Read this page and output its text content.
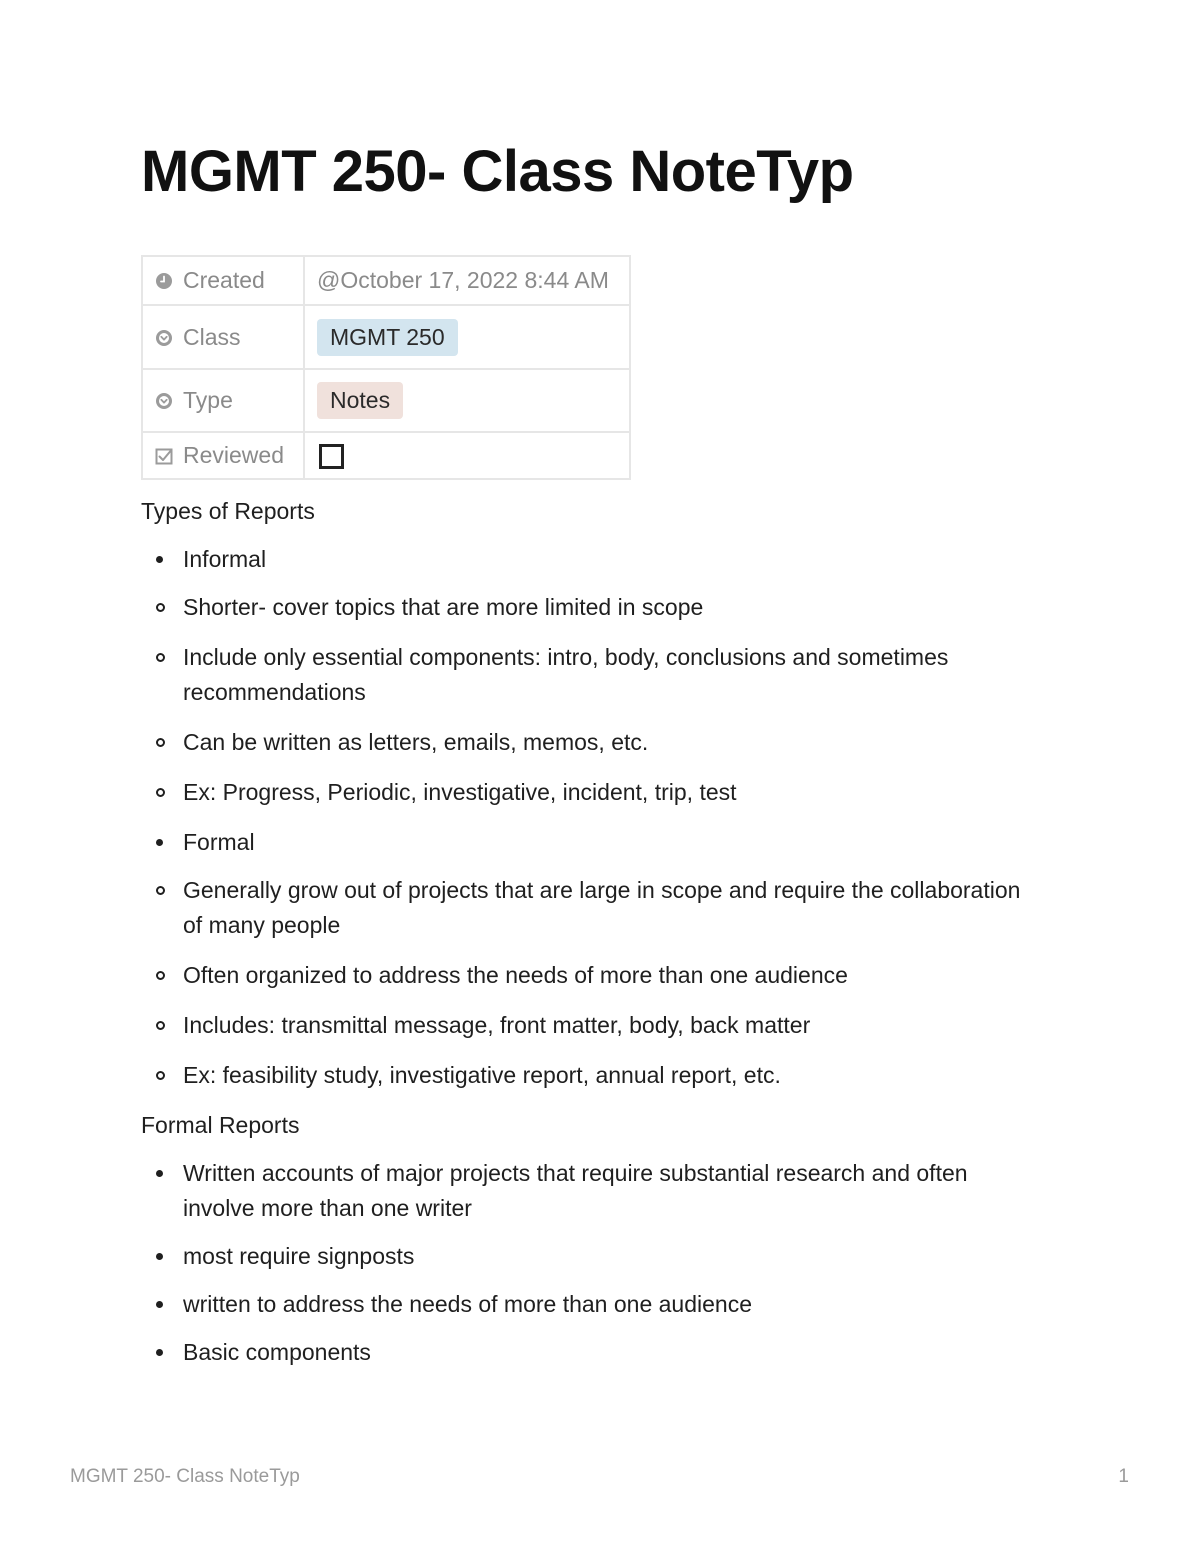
MGMT 250- Class NoteTyp
Created	@October 17, 2022 8:44 AM

Class	MGMT 250

Type	Notes

Reviewed	

Types of Reports

Informal
Shorter- cover topics that are more limited in scope
Include only essential components: intro, body, conclusions and sometimes recommendations
Can be written as letters, emails, memos, etc.
Ex: Progress, Periodic, investigative, incident, trip, test
Formal
Generally grow out of projects that are large in scope and require the collaboration of many people
Often organized to address the needs of more than one audience
Includes: transmittal message, front matter, body, back matter
Ex: feasibility study, investigative report, annual report, etc.

Formal Reports

Written accounts of major projects that require substantial research and often involve more than one writer
most require signposts
written to address the needs of more than one audience
Basic components
MGMT 250- Class NoteTyp	1
